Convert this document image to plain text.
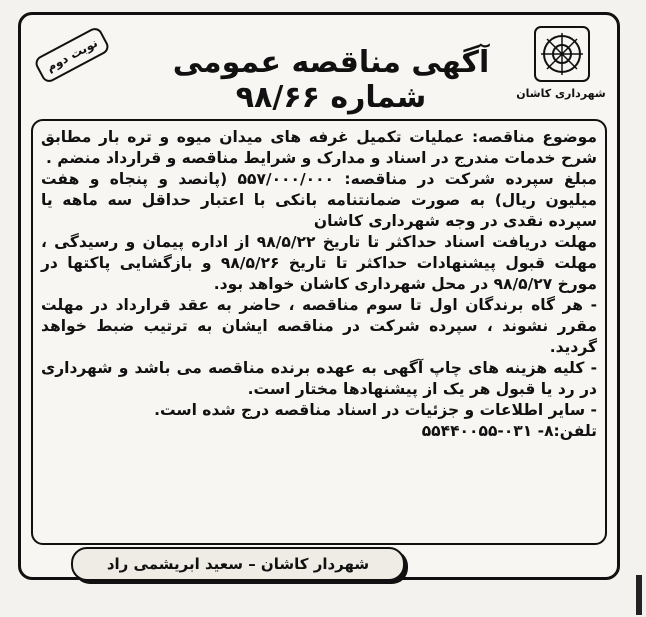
نوبت دوم	آگهی مناقصه عمومی شماره ۹۸/۶۶	شهرداری کاشان

موضوع مناقصه: عملیات تکمیل غرفه های میدان میوه و تره بار مطابق شرح خدمات مندرج در اسناد و مدارک و شرایط مناقصه و قرارداد منضم .

مبلغ سپرده شرکت در مناقصه: ۵۵۷/۰۰۰/۰۰۰ (پانصد و پنجاه و هفت میلیون ریال) به صورت ضمانتنامه بانکی با اعتبار حداقل سه ماهه یا سپرده نقدی در وجه شهرداری کاشان

مهلت دریافت اسناد حداکثر تا تاریخ ۹۸/۵/۲۲ از اداره پیمان و رسیدگی ، مهلت قبول پیشنهادات حداکثر تا تاریخ ۹۸/۵/۲۶ و بازگشایی پاکتها در مورخ ۹۸/۵/۲۷ در محل شهرداری کاشان خواهد بود.

- هر گاه برندگان اول تا سوم مناقصه ، حاضر به عقد قرارداد در مهلت مقرر نشوند ، سپرده شرکت در مناقصه ایشان به ترتیب ضبط خواهد گردید.

- کلیه هزینه های چاپ آگهی به عهده برنده مناقصه می باشد و شهرداری در رد یا قبول هر یک از پیشنهادها مختار است.

- سایر اطلاعات و جزئیات در اسناد مناقصه درج شده است.

تلفن:۸- ۰۳۱-۵۵۴۴۰۰۵۵

شهردار کاشان – سعید ابریشمی راد
